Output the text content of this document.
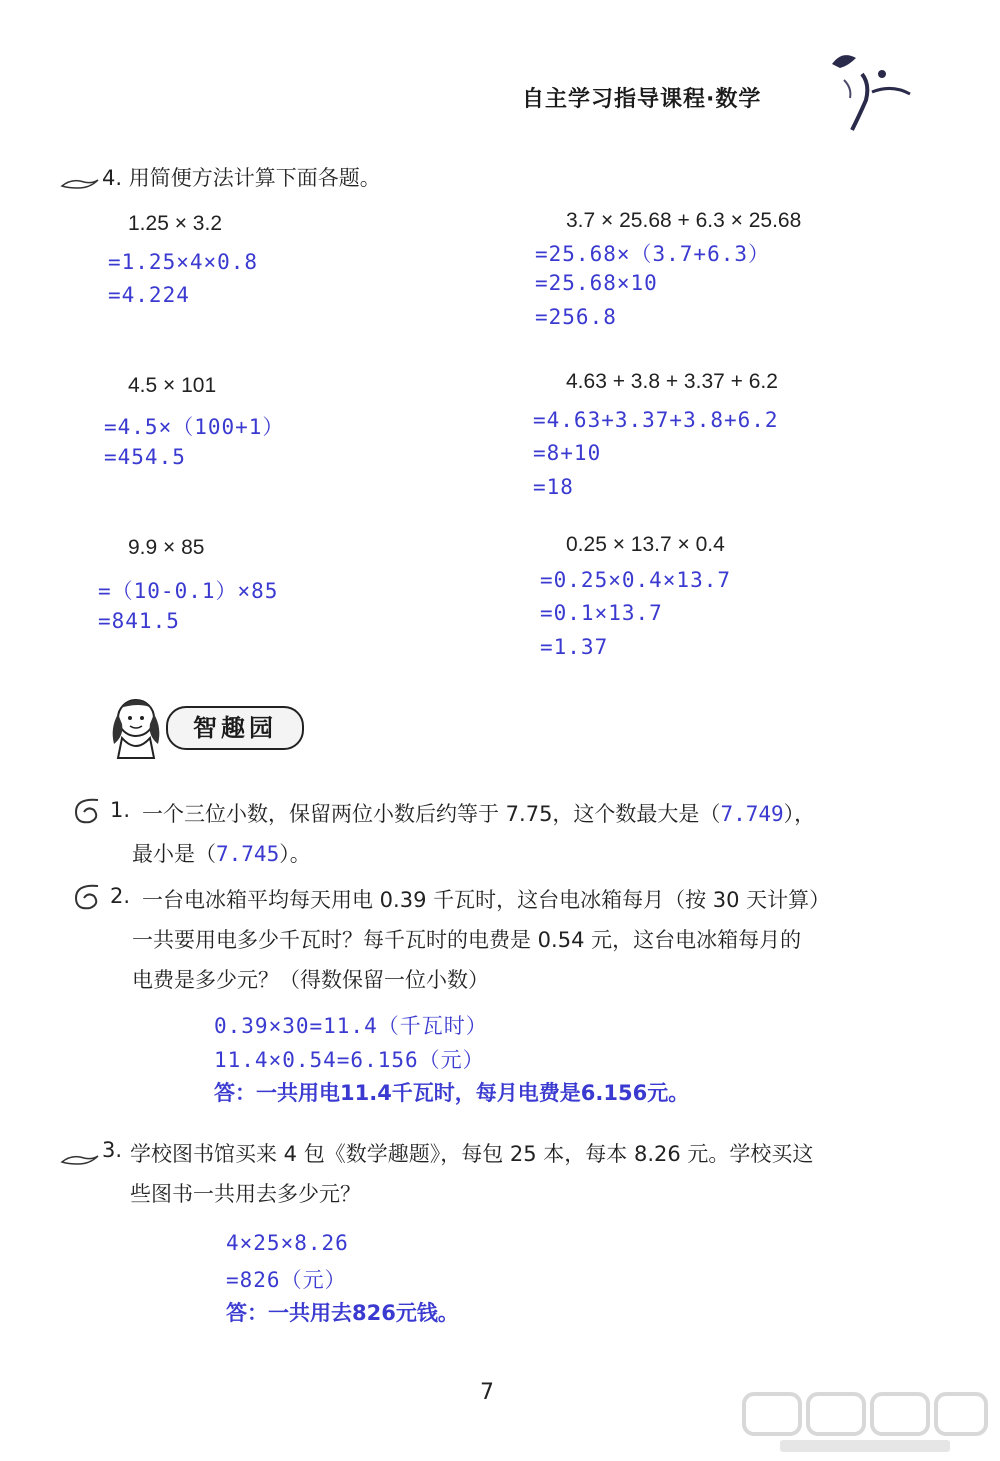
自主学习指导课程·数学
4. 用简便方法计算下面各题。
1.25 × 3.2
=1.25×4×0.8
=4.224
4.5 × 101
=4.5×（100+1）
=454.5
9.9 × 85
=（10-0.1）×85
=841.5
3.7 × 25.68 + 6.3 × 25.68
=25.68×（3.7+6.3）
=25.68×10
=256.8
4.63 + 3.8 + 3.37 + 6.2
=4.63+3.37+3.8+6.2
=8+10
=18
0.25 × 13.7 × 0.4
=0.25×0.4×13.7
=0.1×13.7
=1.37
智趣园
1. 一个三位小数，保留两位小数后约等于 7.75，这个数最大是（7.749），
最小是（7.745）。
2. 一台电冰箱平均每天用电 0.39 千瓦时，这台电冰箱每月（按 30 天计算）
一共要用电多少千瓦时？每千瓦时的电费是 0.54 元，这台电冰箱每月的
电费是多少元？（得数保留一位小数）
0.39×30=11.4（千瓦时）
11.4×0.54=6.156（元）
答：一共用电11.4千瓦时，每月电费是6.156元。
3. 学校图书馆买来 4 包《数学趣题》，每包 25 本，每本 8.26 元。学校买这
些图书一共用去多少元？
4×25×8.26
=826（元）
答：一共用去826元钱。
7
